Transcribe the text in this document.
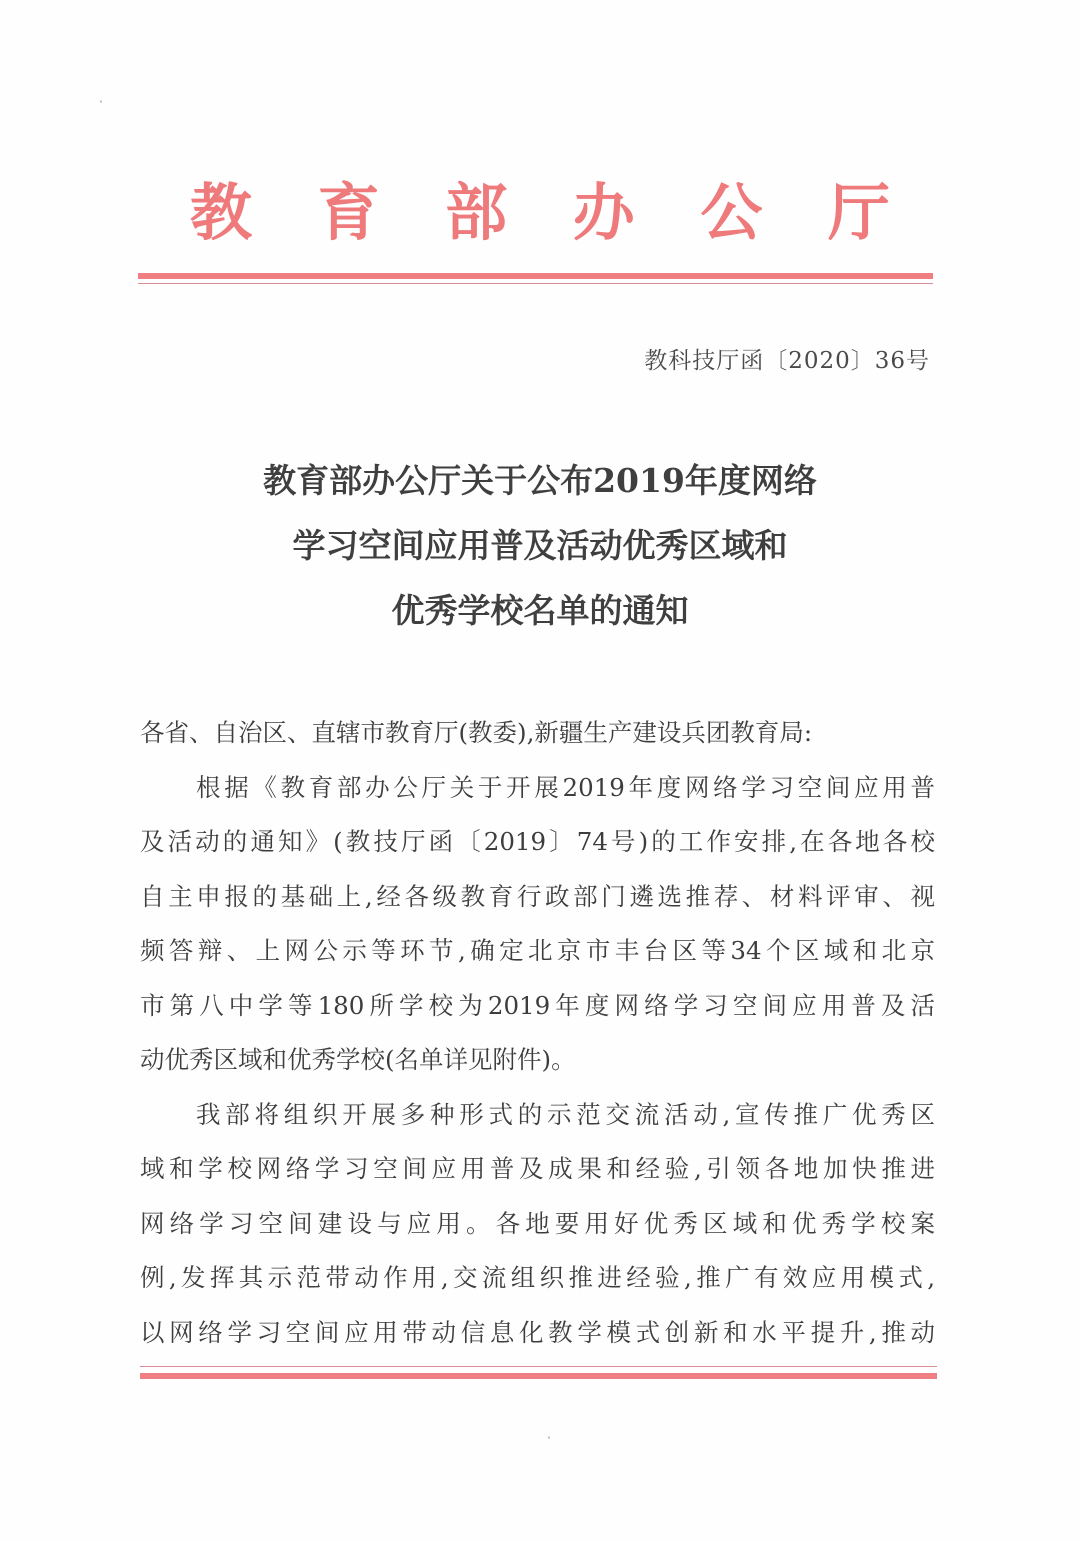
教 育 部 办 公 厅
教科技厅函〔2020〕36号
教育部办公厅关于公布2019年度网络
学习空间应用普及活动优秀区域和
优秀学校名单的通知
各省、自治区、直辖市教育厅(教委),新疆生产建设兵团教育局:
根据《教育部办公厅关于开展2019年度网络学习空间应用普
及活动的通知》(教技厅函〔2019〕74号)的工作安排,在各地各校
自主申报的基础上,经各级教育行政部门遴选推荐、材料评审、视
频答辩、上网公示等环节,确定北京市丰台区等34个区域和北京
市第八中学等180所学校为2019年度网络学习空间应用普及活
动优秀区域和优秀学校(名单详见附件)。
我部将组织开展多种形式的示范交流活动,宣传推广优秀区
域和学校网络学习空间应用普及成果和经验,引领各地加快推进
网络学习空间建设与应用。各地要用好优秀区域和优秀学校案
例,发挥其示范带动作用,交流组织推进经验,推广有效应用模式,
以网络学习空间应用带动信息化教学模式创新和水平提升,推动
